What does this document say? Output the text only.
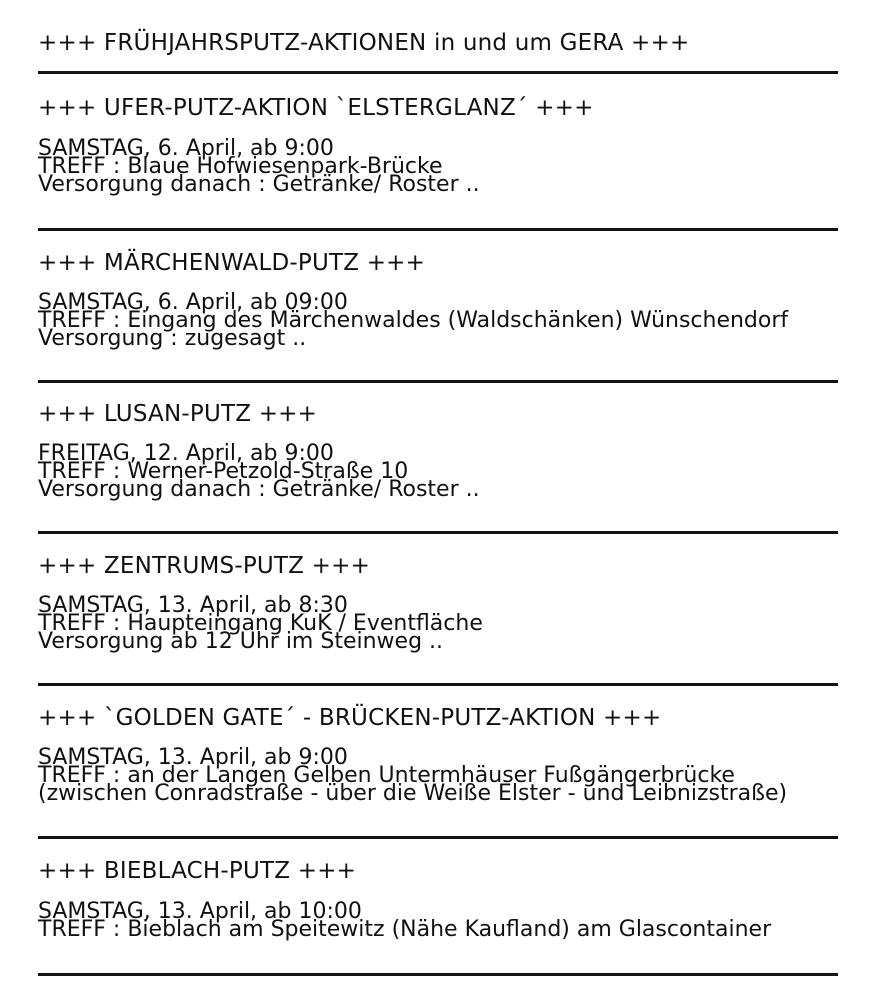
+++ FRÜHJAHRSPUTZ-AKTIONEN in und um GERA +++
+++ UFER-PUTZ-AKTION `ELSTERGLANZ´ +++
SAMSTAG, 6. April, ab 9:00
TREFF : Blaue Hofwiesenpark-Brücke
Versorgung danach : Getränke/ Roster ..
+++ MÄRCHENWALD-PUTZ +++
SAMSTAG, 6. April, ab 09:00
TREFF : Eingang des Märchenwaldes (Waldschänken) Wünschendorf
Versorgung : zugesagt ..
+++ LUSAN-PUTZ +++
FREITAG, 12. April, ab 9:00
TREFF : Werner-Petzold-Straße 10
Versorgung danach : Getränke/ Roster ..
+++ ZENTRUMS-PUTZ +++
SAMSTAG, 13. April, ab 8:30
TREFF : Haupteingang KuK / Eventfläche
Versorgung ab 12 Uhr im Steinweg ..
+++ `GOLDEN GATE´ - BRÜCKEN-PUTZ-AKTION +++
SAMSTAG, 13. April, ab 9:00
TREFF : an der Langen Gelben Untermhäuser Fußgängerbrücke
(zwischen Conradstraße - über die Weiße Elster - und Leibnizstraße)
+++ BIEBLACH-PUTZ +++
SAMSTAG, 13. April, ab 10:00
TREFF : Bieblach am Speitewitz (Nähe Kaufland) am Glascontainer
